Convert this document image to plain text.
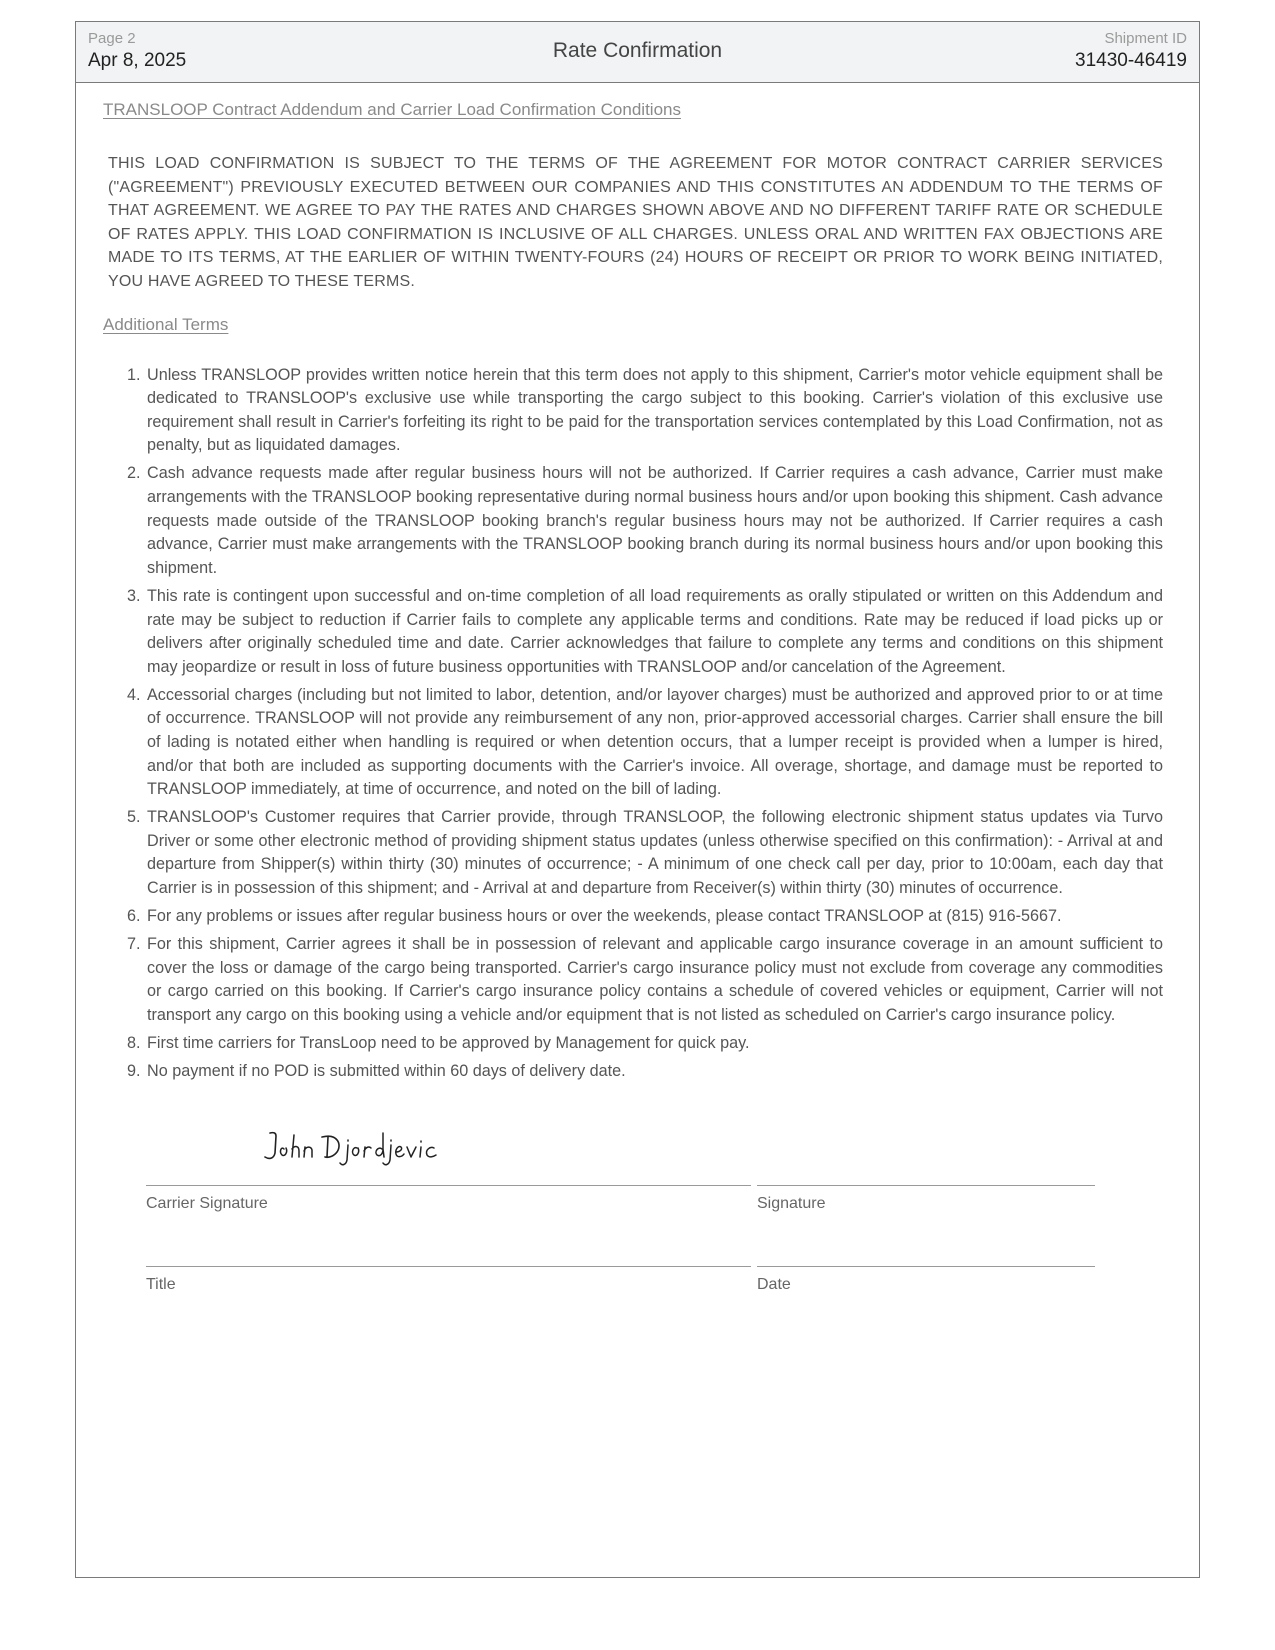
Page 2
Apr 8, 2025	Rate Confirmation
Shipment ID
31430-46419
TRANSLOOP Contract Addendum and Carrier Load Confirmation Conditions
THIS LOAD CONFIRMATION IS SUBJECT TO THE TERMS OF THE AGREEMENT FOR MOTOR CONTRACT CARRIER SERVICES ("AGREEMENT") PREVIOUSLY EXECUTED BETWEEN OUR COMPANIES AND THIS CONSTITUTES AN ADDENDUM TO THE TERMS OF THAT AGREEMENT. WE AGREE TO PAY THE RATES AND CHARGES SHOWN ABOVE AND NO DIFFERENT TARIFF RATE OR SCHEDULE OF RATES APPLY. THIS LOAD CONFIRMATION IS INCLUSIVE OF ALL CHARGES. UNLESS ORAL AND WRITTEN FAX OBJECTIONS ARE MADE TO ITS TERMS, AT THE EARLIER OF WITHIN TWENTY-FOURS (24) HOURS OF RECEIPT OR PRIOR TO WORK BEING INITIATED, YOU HAVE AGREED TO THESE TERMS.
Additional Terms
1. Unless TRANSLOOP provides written notice herein that this term does not apply to this shipment, Carrier's motor vehicle equipment shall be dedicated to TRANSLOOP's exclusive use while transporting the cargo subject to this booking. Carrier's violation of this exclusive use requirement shall result in Carrier's forfeiting its right to be paid for the transportation services contemplated by this Load Confirmation, not as penalty, but as liquidated damages.
2. Cash advance requests made after regular business hours will not be authorized. If Carrier requires a cash advance, Carrier must make arrangements with the TRANSLOOP booking representative during normal business hours and/or upon booking this shipment. Cash advance requests made outside of the TRANSLOOP booking branch's regular business hours may not be authorized. If Carrier requires a cash advance, Carrier must make arrangements with the TRANSLOOP booking branch during its normal business hours and/or upon booking this shipment.
3. This rate is contingent upon successful and on-time completion of all load requirements as orally stipulated or written on this Addendum and rate may be subject to reduction if Carrier fails to complete any applicable terms and conditions. Rate may be reduced if load picks up or delivers after originally scheduled time and date. Carrier acknowledges that failure to complete any terms and conditions on this shipment may jeopardize or result in loss of future business opportunities with TRANSLOOP and/or cancelation of the Agreement.
4. Accessorial charges (including but not limited to labor, detention, and/or layover charges) must be authorized and approved prior to or at time of occurrence. TRANSLOOP will not provide any reimbursement of any non, prior-approved accessorial charges. Carrier shall ensure the bill of lading is notated either when handling is required or when detention occurs, that a lumper receipt is provided when a lumper is hired, and/or that both are included as supporting documents with the Carrier's invoice. All overage, shortage, and damage must be reported to TRANSLOOP immediately, at time of occurrence, and noted on the bill of lading.
5. TRANSLOOP's Customer requires that Carrier provide, through TRANSLOOP, the following electronic shipment status updates via Turvo Driver or some other electronic method of providing shipment status updates (unless otherwise specified on this confirmation): - Arrival at and departure from Shipper(s) within thirty (30) minutes of occurrence; - A minimum of one check call per day, prior to 10:00am, each day that Carrier is in possession of this shipment; and - Arrival at and departure from Receiver(s) within thirty (30) minutes of occurrence.
6. For any problems or issues after regular business hours or over the weekends, please contact TRANSLOOP at (815) 916-5667.
7. For this shipment, Carrier agrees it shall be in possession of relevant and applicable cargo insurance coverage in an amount sufficient to cover the loss or damage of the cargo being transported. Carrier's cargo insurance policy must not exclude from coverage any commodities or cargo carried on this booking. If Carrier's cargo insurance policy contains a schedule of covered vehicles or equipment, Carrier will not transport any cargo on this booking using a vehicle and/or equipment that is not listed as scheduled on Carrier's cargo insurance policy.
8. First time carriers for TransLoop need to be approved by Management for quick pay.
9. No payment if no POD is submitted within 60 days of delivery date.
Carrier Signature	Signature
Title	Date
